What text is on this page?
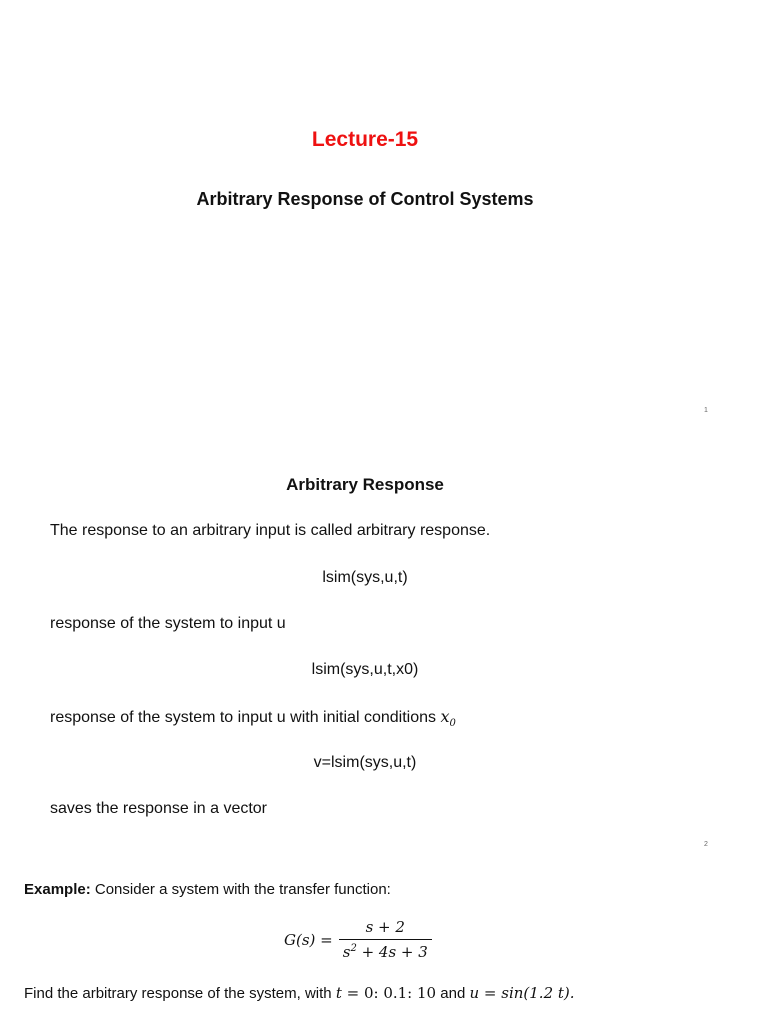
Lecture-15
Arbitrary Response of Control Systems
1
Arbitrary Response
The response to an arbitrary input is called arbitrary response.
lsim(sys,u,t)
response of the system to input u
lsim(sys,u,t,x0)
response of the system to input u with initial conditions $x_0$
v=lsim(sys,u,t)
saves the response in a vector
2
Example: Consider a system with the transfer function:
$G(s) = \frac{s + 2}{s^2 + 4s + 3}$
Find the arbitrary response of the system, with t = 0: 0.1: 10 and u = sin(1.2 t).
